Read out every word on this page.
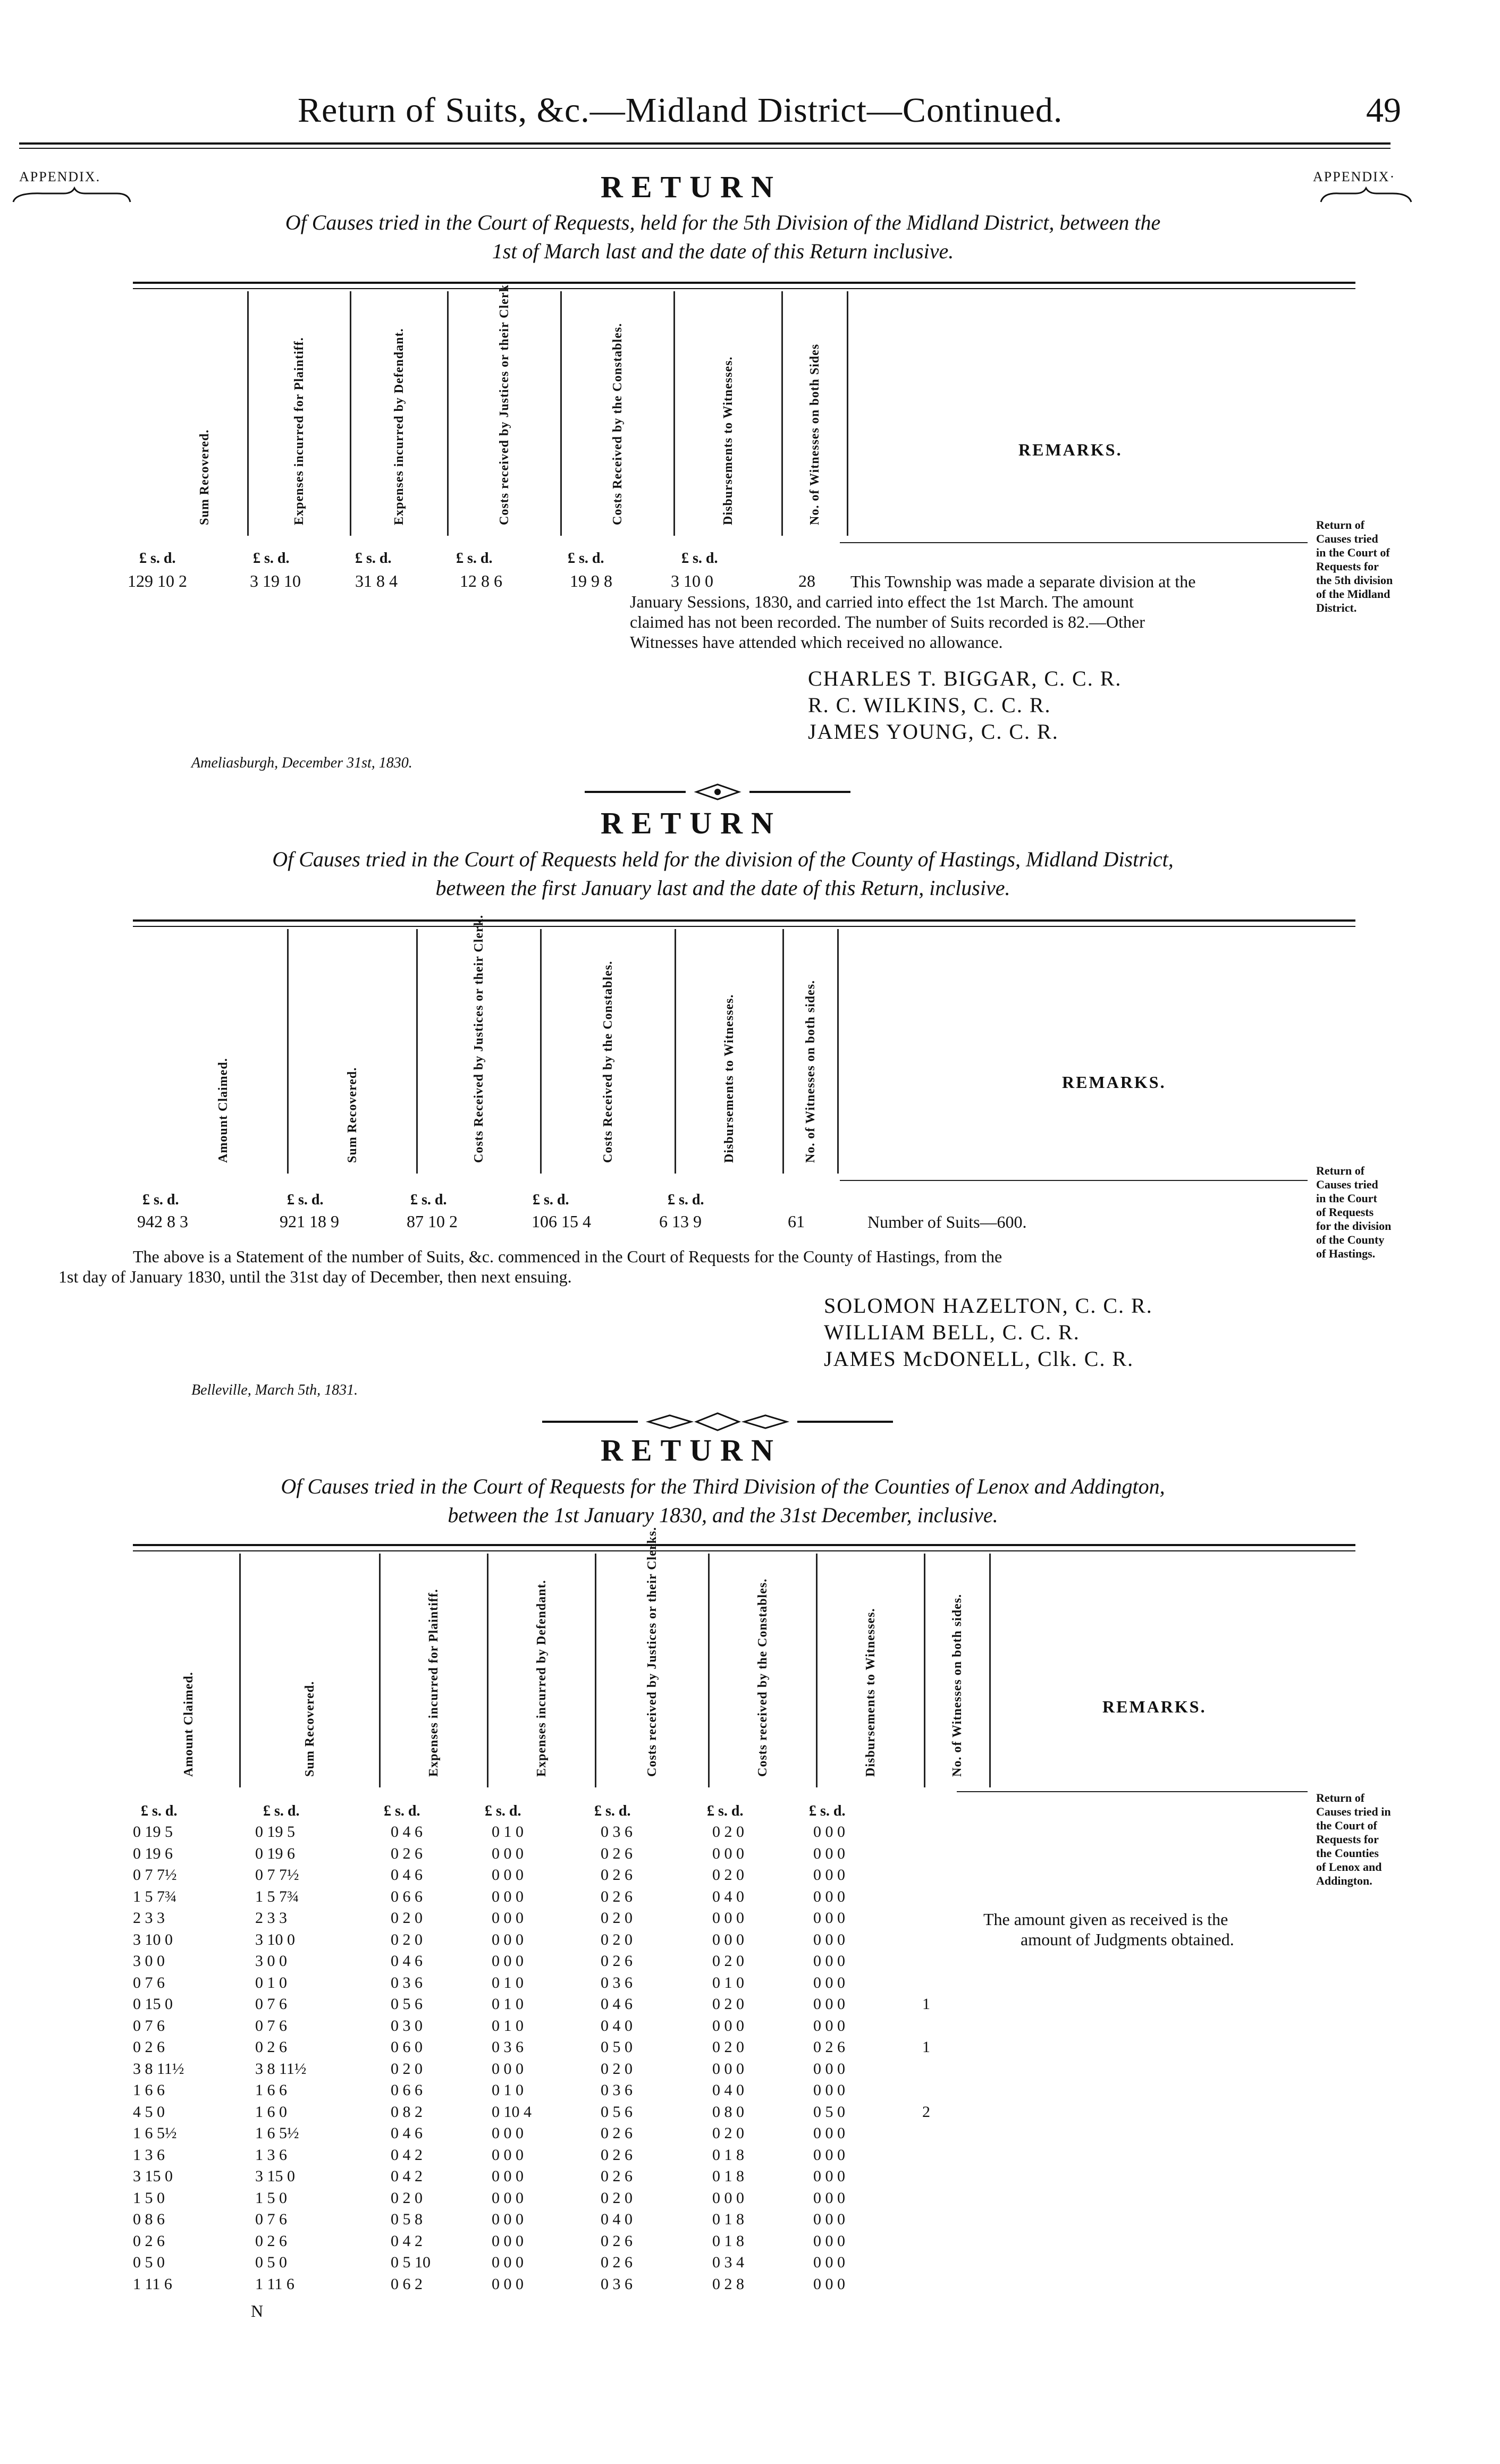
Return of Suits, &c.—Midland District—Continued.	49
APPENDIX.	APPENDIX·
RETURN
Of Causes tried in the Court of Requests, held for the 5th Division of the Midland District, between the
1st of March last and the date of this Return inclusive.
Sum Recovered.	Expenses incurred for Plaintiff.	Expenses incurred by Defendant.	Costs received by Justices or their Clerk.	Costs Received by the Constables.	Disbursements to Witnesses.	No. of Witnesses on both Sides	REMARKS.
£ s. d.	£ s. d.	£ s. d.	£ s. d.	£ s. d.	£ s. d.
129 10 2	3 19 10	31 8 4	12 8 6	19 9 8	3 10 0	28 This Township was made a separate division at the
January Sessions, 1830, and carried into effect the 1st March. The amount
claimed has not been recorded. The number of Suits recorded is 82.—Other
Witnesses have attended which received no allowance.
Return of
Causes tried
in the Court of
Requests for
the 5th division
of the Midland
District.
CHARLES T. BIGGAR, C. C. R.
R. C. WILKINS, C. C. R.
JAMES YOUNG, C. C. R.
Ameliasburgh, December 31st, 1830.
RETURN
Of Causes tried in the Court of Requests held for the division of the County of Hastings, Midland District,
between the first January last and the date of this Return, inclusive.
Amount Claimed.	Sum Recovered.	Costs Received by Justices or their Clerk.	Costs Received by the Constables.	Disbursements to Witnesses.	No. of Witnesses on both sides.	REMARKS.
£ s. d.	£ s. d.	£ s. d.	£ s. d.	£ s. d.
942 8 3	921 18 9	87 10 2	106 15 4	6 13 9	61	Number of Suits—600.
The above is a Statement of the number of Suits, &c. commenced in the Court of Requests for the County of Hastings, from the
1st day of January 1830, until the 31st day of December, then next ensuing.
Return of
Causes tried
in the Court
of Requests
for the division
of the County
of Hastings.
SOLOMON HAZELTON, C. C. R.
WILLIAM BELL, C. C. R.
JAMES McDONELL, Clk. C. R.
Belleville, March 5th, 1831.
RETURN
Of Causes tried in the Court of Requests for the Third Division of the Counties of Lenox and Addington,
between the 1st January 1830, and the 31st December, inclusive.
Amount Claimed.	Sum Recovered.	Expenses incurred for Plaintiff.	Expenses incurred by Defendant.	Costs received by Justices or their Clerks.	Costs received by the Constables.	Disbursements to Witnesses.	No. of Witnesses on both sides.	REMARKS.
£ s. d.	£ s. d.	£ s. d.	£ s. d.	£ s. d.	£ s. d.	£ s. d.
The amount given as received is the
amount of Judgments obtained.
Return of
Causes tried in
the Court of
Requests for
the Counties
of Lenox and
Addington.
0 19 5	0 19 5	0 4 6	0 1 0	0 3 6	0 2 0	0 0 0
0 19 6	0 19 6	0 2 6	0 0 0	0 2 6	0 0 0	0 0 0
0 7 7½	0 7 7½	0 4 6	0 0 0	0 2 6	0 2 0	0 0 0
1 5 7¾	1 5 7¾	0 6 6	0 0 0	0 2 6	0 4 0	0 0 0
2 3 3	2 3 3	0 2 0	0 0 0	0 2 0	0 0 0	0 0 0
3 10 0	3 10 0	0 2 0	0 0 0	0 2 0	0 0 0	0 0 0
3 0 0	3 0 0	0 4 6	0 0 0	0 2 6	0 2 0	0 0 0
0 7 6	0 1 0	0 3 6	0 1 0	0 3 6	0 1 0	0 0 0
0 15 0	0 7 6	0 5 6	0 1 0	0 4 6	0 2 0	0 0 0	1
0 7 6	0 7 6	0 3 0	0 1 0	0 4 0	0 0 0	0 0 0
0 2 6	0 2 6	0 6 0	0 3 6	0 5 0	0 2 0	0 2 6	1
3 8 11½	3 8 11½	0 2 0	0 0 0	0 2 0	0 0 0	0 0 0
1 6 6	1 6 6	0 6 6	0 1 0	0 3 6	0 4 0	0 0 0
4 5 0	1 6 0	0 8 2	0 10 4	0 5 6	0 8 0	0 5 0	2
1 6 5½	1 6 5½	0 4 6	0 0 0	0 2 6	0 2 0	0 0 0
1 3 6	1 3 6	0 4 2	0 0 0	0 2 6	0 1 8	0 0 0
3 15 0	3 15 0	0 4 2	0 0 0	0 2 6	0 1 8	0 0 0
1 5 0	1 5 0	0 2 0	0 0 0	0 2 0	0 0 0	0 0 0
0 8 6	0 7 6	0 5 8	0 0 0	0 4 0	0 1 8	0 0 0
0 2 6	0 2 6	0 4 2	0 0 0	0 2 6	0 1 8	0 0 0
0 5 0	0 5 0	0 5 10	0 0 0	0 2 6	0 3 4	0 0 0
1 11 6	1 11 6	0 6 2	0 0 0	0 3 6	0 2 8	0 0 0
N
